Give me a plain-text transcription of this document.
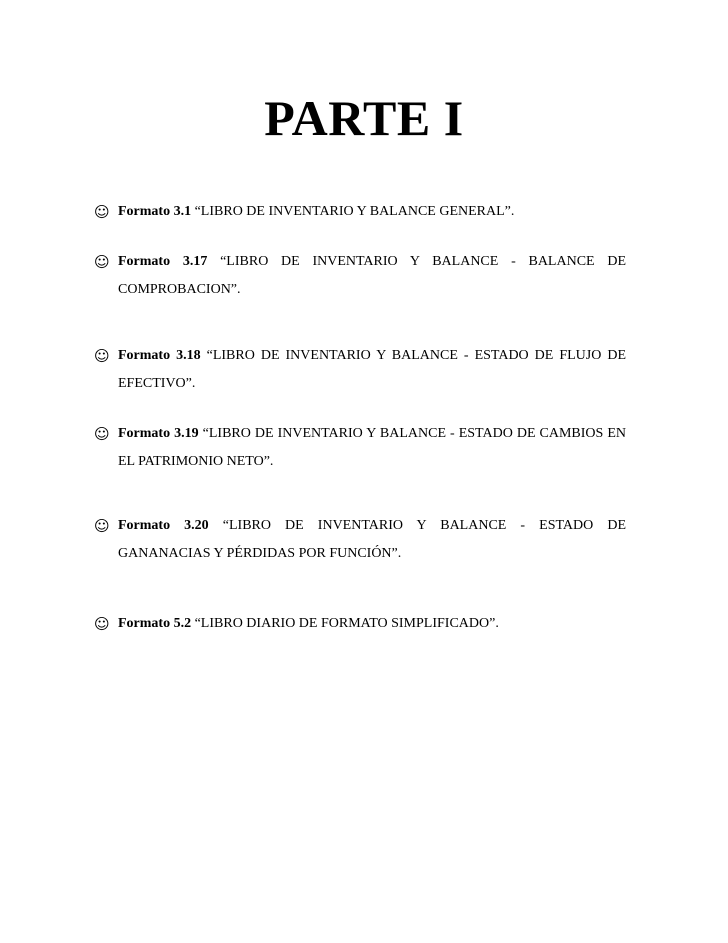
PARTE I
☺ Formato 3.1 “LIBRO DE INVENTARIO Y BALANCE GENERAL”.
☺ Formato 3.17 “LIBRO DE INVENTARIO Y BALANCE - BALANCE DE COMPROBACION”.
☺ Formato 3.18 “LIBRO DE INVENTARIO Y BALANCE - ESTADO DE FLUJO DE EFECTIVO”.
☺ Formato 3.19 “LIBRO DE INVENTARIO Y BALANCE - ESTADO DE CAMBIOS EN EL PATRIMONIO NETO”.
☺ Formato 3.20 “LIBRO DE INVENTARIO Y BALANCE - ESTADO DE GANANACIAS Y PÉRDIDAS POR FUNCIÓN”.
☺ Formato 5.2 “LIBRO DIARIO DE FORMATO SIMPLIFICADO”.
